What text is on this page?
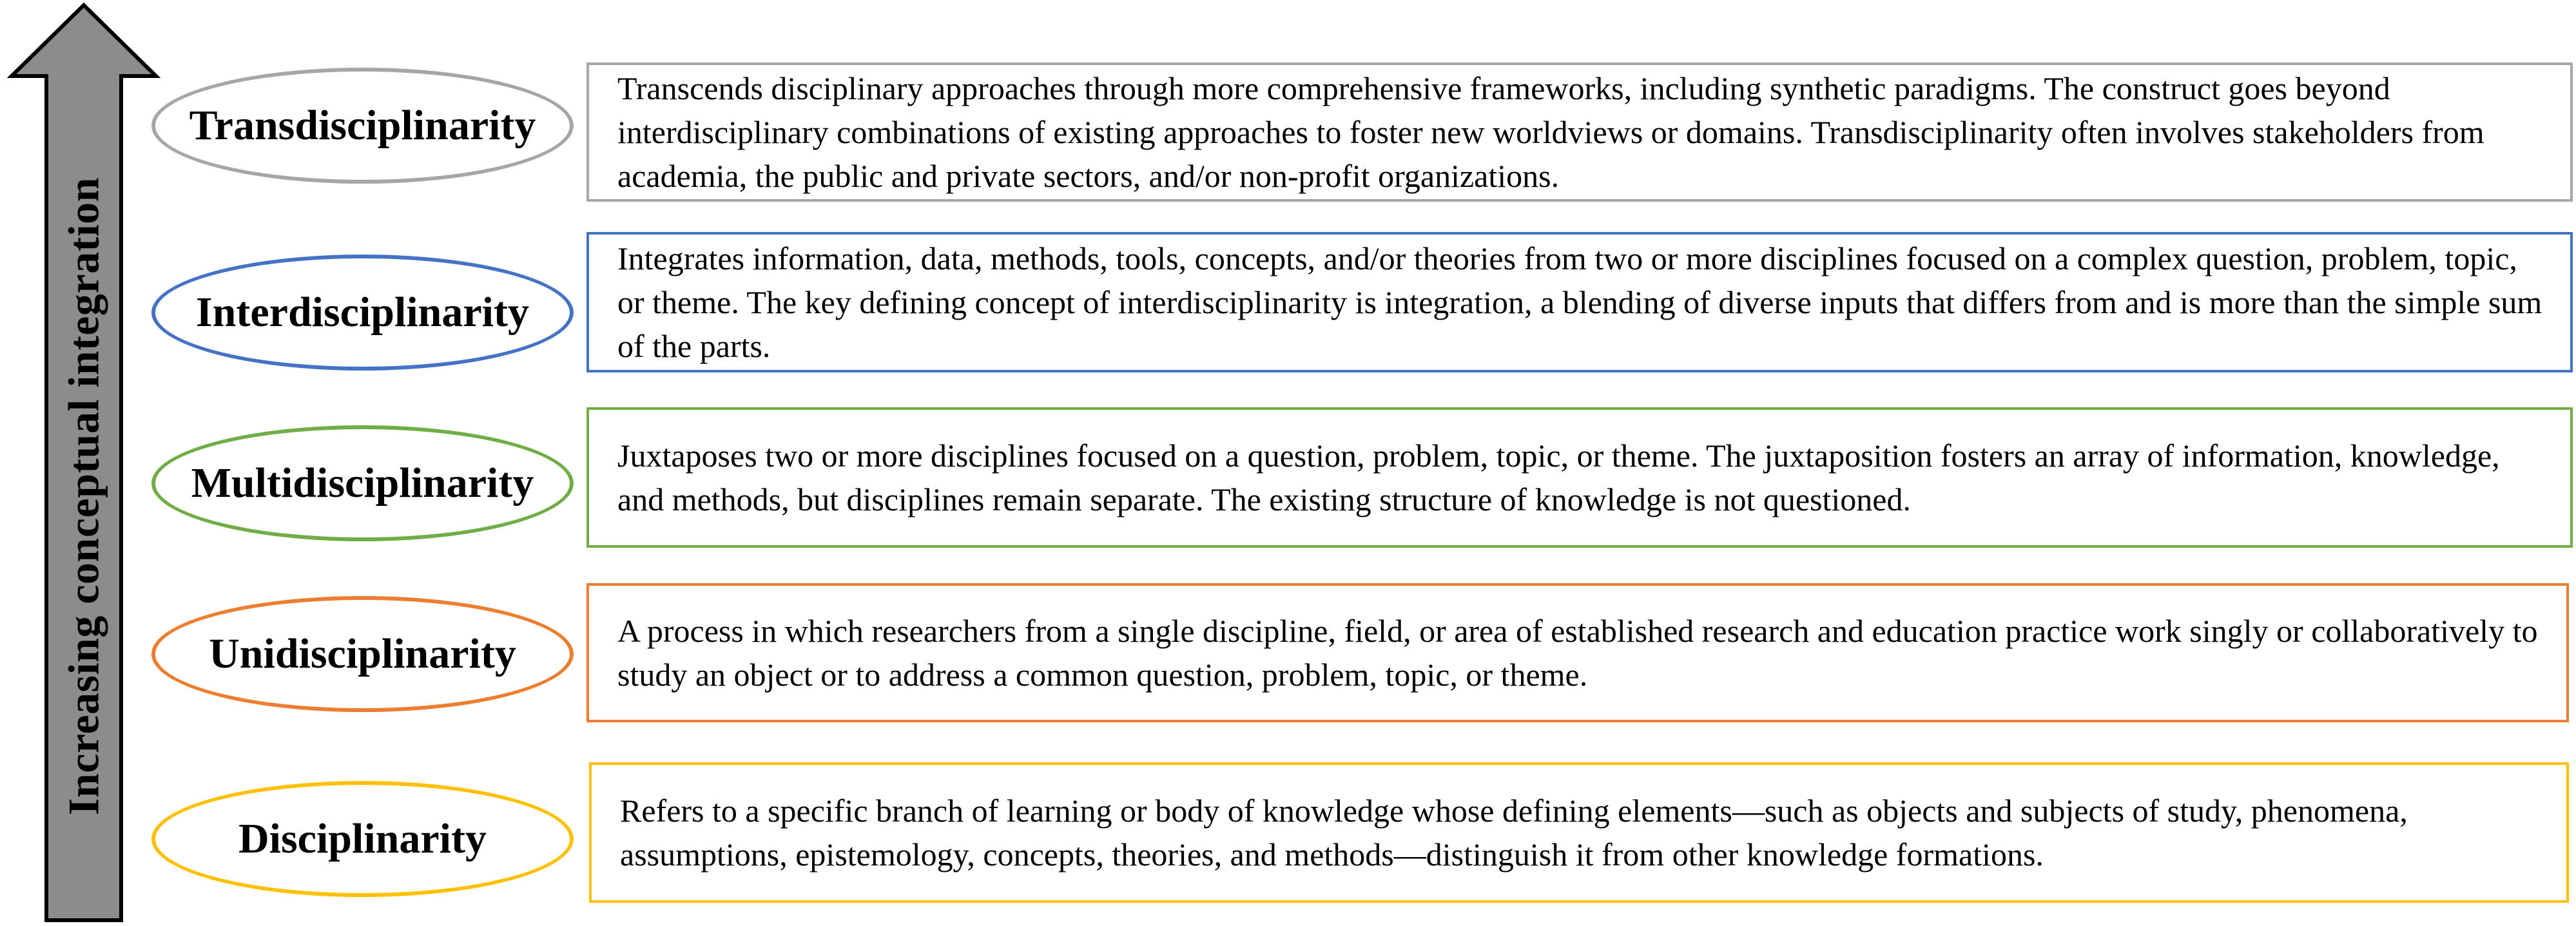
Increasing conceptual integration
Transdisciplinarity
Transcends disciplinary approaches through more comprehensive frameworks, including synthetic paradigms. The construct goes beyond interdisciplinary combinations of existing approaches to foster new worldviews or domains. Transdisciplinarity often involves stakeholders from academia, the public and private sectors, and/or non-profit organizations.
Interdisciplinarity
Integrates information, data, methods, tools, concepts, and/or theories from two or more disciplines focused on a complex question, problem, topic, or theme. The key defining concept of interdisciplinarity is integration, a blending of diverse inputs that differs from and is more than the simple sum of the parts.
Multidisciplinarity
Juxtaposes two or more disciplines focused on a question, problem, topic, or theme. The juxtaposition fosters an array of information, knowledge, and methods, but disciplines remain separate. The existing structure of knowledge is not questioned.
Unidisciplinarity	A process in which researchers from a single discipline, field, or area of established research and education practice work singly or collaboratively to study an object or to address a common question, problem, topic, or theme.
Disciplinarity
Refers to a specific branch of learning or body of knowledge whose defining elements—such as objects and subjects of study, phenomena, assumptions, epistemology, concepts, theories, and methods—distinguish it from other knowledge formations.
